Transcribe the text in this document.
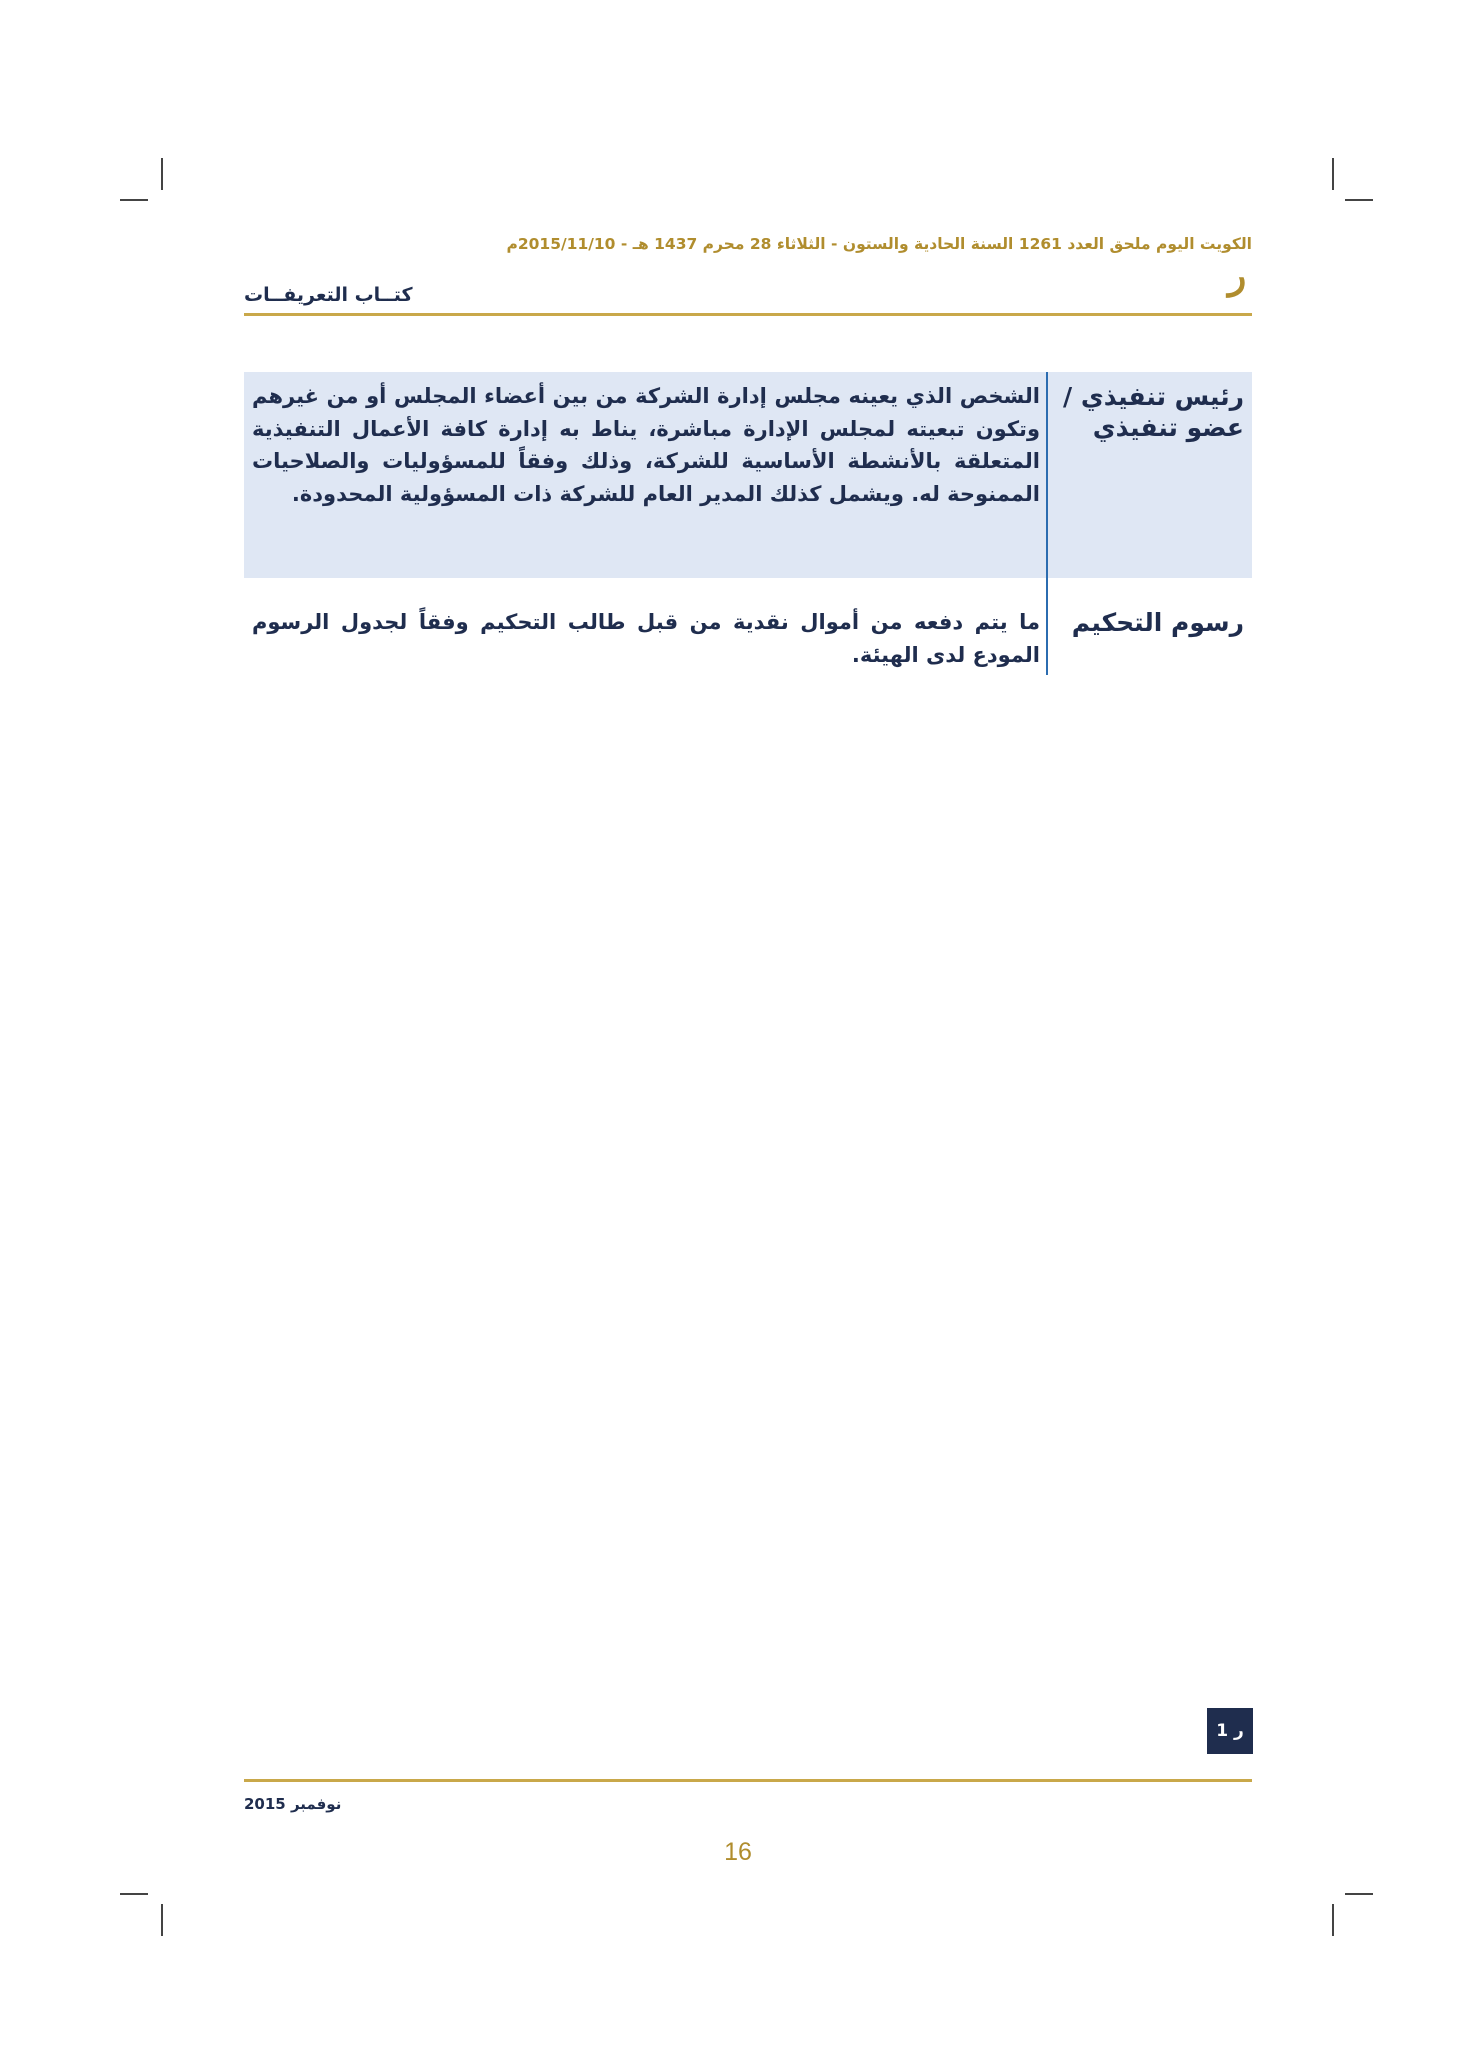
الكويت اليوم ملحق العدد 1261 السنة الحادية والستون - الثلاثاء 28 محرم 1437 هـ - 2015/11/10م
ر
كتــاب التعريفــات
رئيس تنفيذي /
عضو تنفيذي	الشخص الذي يعينه مجلس إدارة الشركة من بين أعضاء المجلس أو من غيرهم وتكون تبعيته لمجلس الإدارة مباشرة، يناط به إدارة كافة الأعمال التنفيذية المتعلقة بالأنشطة الأساسية للشركة، وذلك وفقاً للمسؤوليات والصلاحيات الممنوحة له. ويشمل كذلك المدير العام للشركة ذات المسؤولية المحدودة.

رسوم التحكيم	ما يتم دفعه من أموال نقدية من قبل طالب التحكيم وفقاً لجدول الرسوم المودع لدى الهيئة.
ر 1
نوفمبر 2015
16
